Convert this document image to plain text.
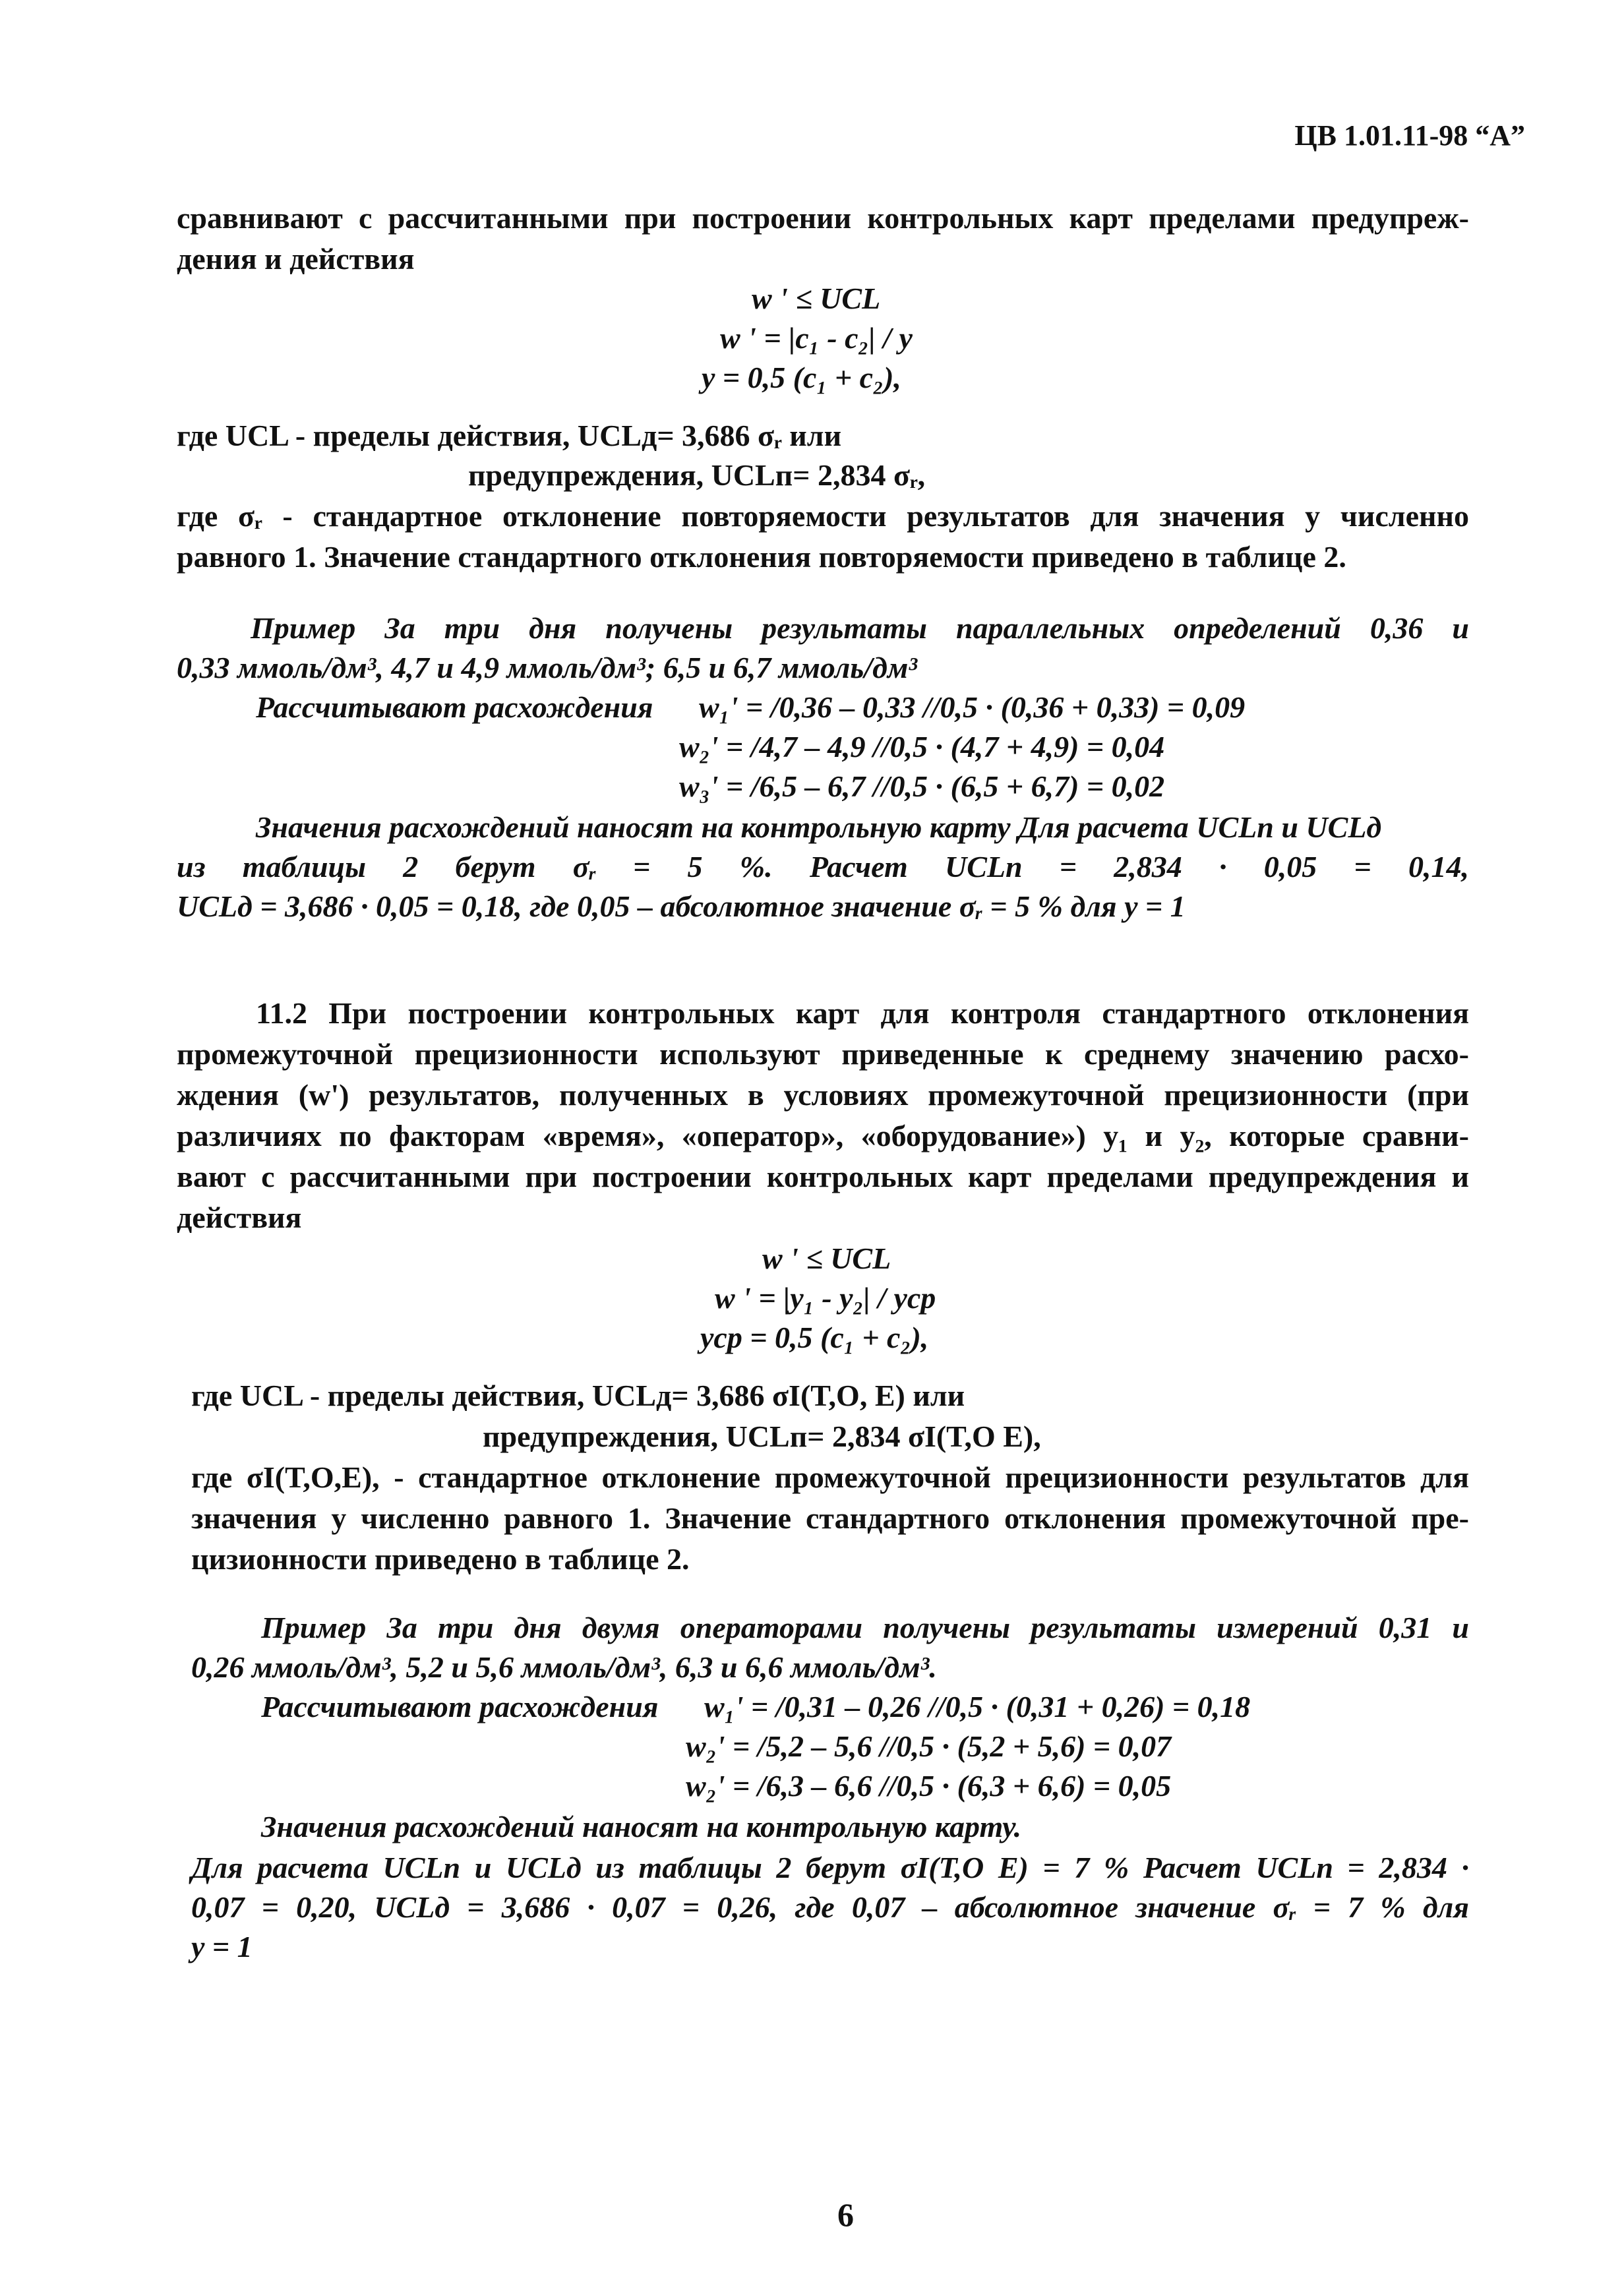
ЦВ 1.01.11-98 “А”
сравнивают с рассчитанными при построении контрольных карт пределами предупреж-
дения и действия
w ' ≤ UCL
w ' = |c₁ - c₂| / y
y = 0,5 (c₁ + c₂),
где UCL - пределы действия, UCLд= 3,686 σᵣ или
предупреждения, UCLп= 2,834 σᵣ,
где σᵣ - стандартное отклонение повторяемости результатов для значения y численно
равного 1. Значение стандартного отклонения повторяемости приведено в таблице 2.
Пример За три дня получены результаты параллельных определений 0,36 и
0,33 ммоль/дм³, 4,7 и 4,9 ммоль/дм³; 6,5 и 6,7 ммоль/дм³
Рассчитывают расхождения w₁' = /0,36 – 0,33 //0,5 · (0,36 + 0,33) = 0,09
w₂' = /4,7 – 4,9 //0,5 · (4,7 + 4,9) = 0,04
w₃' = /6,5 – 6,7 //0,5 · (6,5 + 6,7) = 0,02
Значения расхождений наносят на контрольную карту Для расчета UCLп и UCLд
из таблицы 2 берут σᵣ = 5 %. Расчет UCLп = 2,834 · 0,05 = 0,14,
UCLд = 3,686 · 0,05 = 0,18, где 0,05 – абсолютное значение σᵣ = 5 % для y = 1
11.2 При построении контрольных карт для контроля стандартного отклонения
промежуточной прецизионности используют приведенные к среднему значению расхо-
ждения (w') результатов, полученных в условиях промежуточной прецизионности (при
различиях по факторам «время», «оператор», «оборудование») y₁ и y₂, которые сравни-
вают с рассчитанными при построении контрольных карт пределами предупреждения и
действия
w ' ≤ UCL
w ' = |y₁ - y₂| / yср
yср = 0,5 (c₁ + c₂),
где UCL - пределы действия, UCLд= 3,686 σI(T,O, E) или
предупреждения, UCLп= 2,834 σI(T,O E),
где σI(T,O,E), - стандартное отклонение промежуточной прецизионности результатов для
значения y численно равного 1. Значение стандартного отклонения промежуточной пре-
цизионности приведено в таблице 2.
Пример За три дня двумя операторами получены результаты измерений 0,31 и
0,26 ммоль/дм³, 5,2 и 5,6 ммоль/дм³, 6,3 и 6,6 ммоль/дм³.
Рассчитывают расхождения w₁' = /0,31 – 0,26 //0,5 · (0,31 + 0,26) = 0,18
w₂' = /5,2 – 5,6 //0,5 · (5,2 + 5,6) = 0,07
w₂' = /6,3 – 6,6 //0,5 · (6,3 + 6,6) = 0,05
Значения расхождений наносят на контрольную карту.
Для расчета UCLп и UCLд из таблицы 2 берут σI(T,O E) = 7 % Расчет UCLп = 2,834 ·
0,07 = 0,20, UCLд = 3,686 · 0,07 = 0,26, где 0,07 – абсолютное значение σᵣ = 7 % для
y = 1
6
